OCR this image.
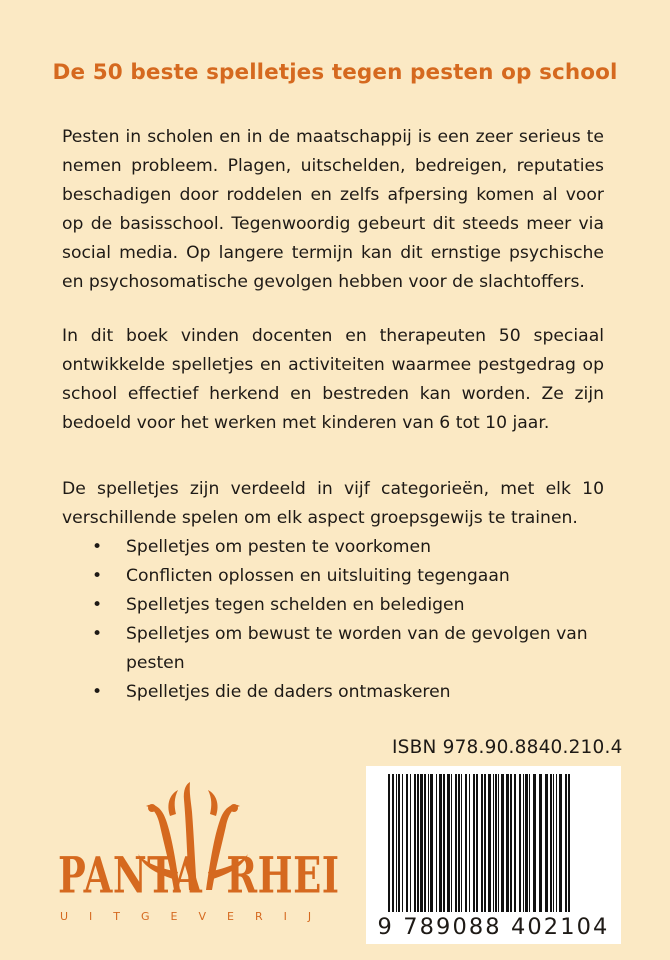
De 50 beste spelletjes tegen pesten op school

Pesten in scholen en in de maatschappij is een zeer serieus te nemen probleem. Plagen, uitschelden, bedreigen, reputaties beschadigen door roddelen en zelfs afpersing komen al voor op de basisschool. Tegenwoordig gebeurt dit steeds meer via social media. Op langere termijn kan dit ernstige psychische en psychosomatische gevolgen hebben voor de slachtoffers.

In dit boek vinden docenten en therapeuten 50 speciaal ontwikkelde spelletjes en activiteiten waarmee pestgedrag op school effectief herkend en bestreden kan worden. Ze zijn bedoeld voor het werken met kinderen van 6 tot 10 jaar.

De spelletjes zijn verdeeld in vijf categorieën, met elk 10 verschillende spelen om elk aspect groepsgewijs te trainen.

• Spelletjes om pesten te voorkomen
• Conflicten oplossen en uitsluiting tegengaan
• Spelletjes tegen schelden en beledigen
• Spelletjes om bewust te worden van de gevolgen van pesten
• Spelletjes die de daders ontmaskeren
ISBN 978.90.8840.210.4
9 789088 402104
PANTA RHEI
UITGEVERIJ
